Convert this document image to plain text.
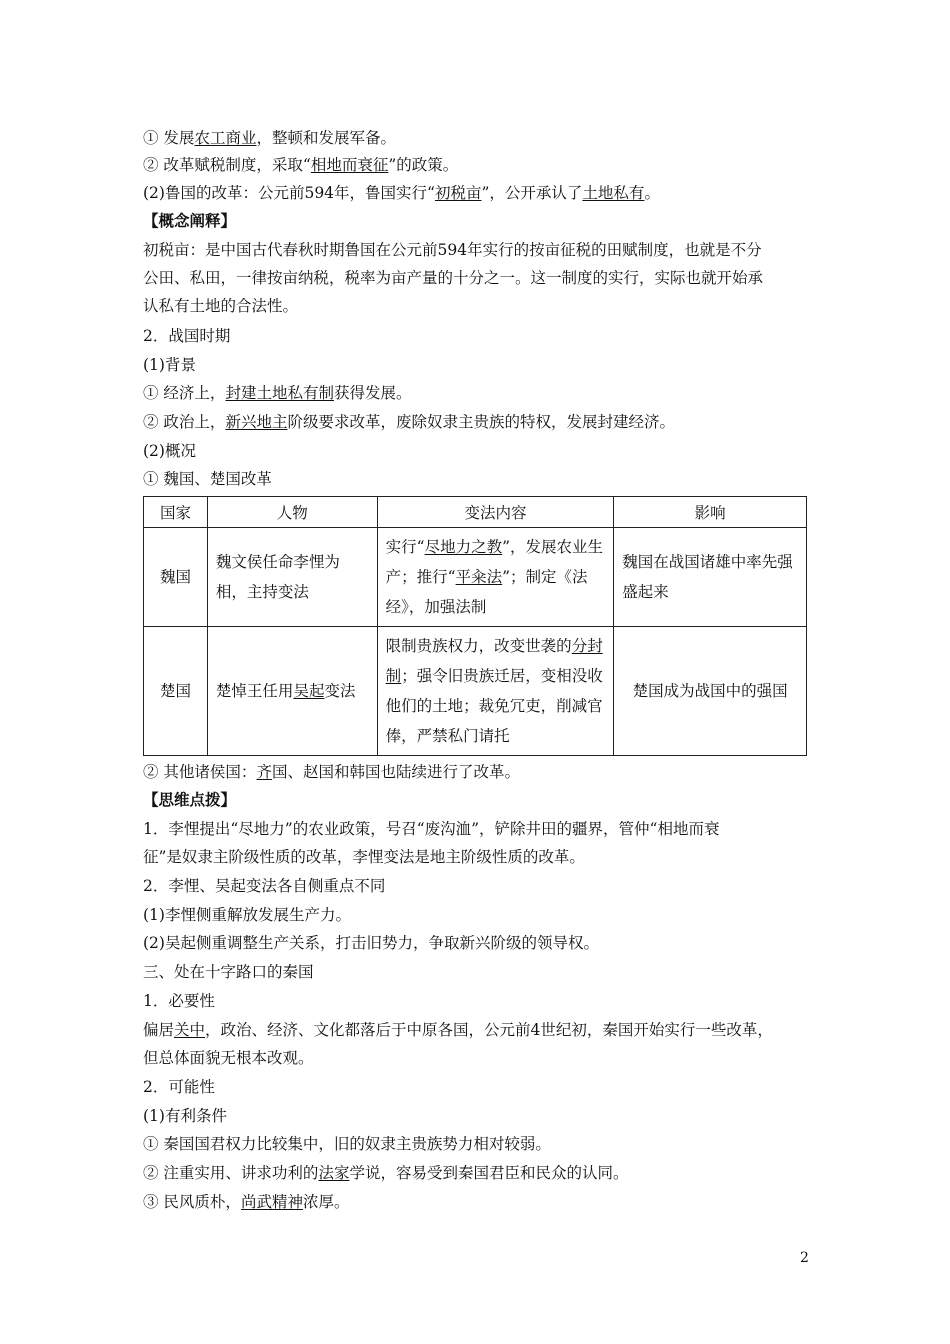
① 发展农工商业，整顿和发展军备。
② 改革赋税制度，采取“相地而衰征”的政策。
(2)鲁国的改革：公元前594年，鲁国实行“初税亩”，公开承认了土地私有。
【概念阐释】
初税亩：是中国古代春秋时期鲁国在公元前594年实行的按亩征税的田赋制度，也就是不分
公田、私田，一律按亩纳税，税率为亩产量的十分之一。这一制度的实行，实际也就开始承
认私有土地的合法性。
2．战国时期
(1)背景
① 经济上，封建土地私有制获得发展。
② 政治上，新兴地主阶级要求改革，废除奴隶主贵族的特权，发展封建经济。
(2)概况
① 魏国、楚国改革
国家	人物	变法内容	影响
魏国	魏文侯任命李悝为相，主持变法	实行“尽地力之教”，发展农业生产；推行“平籴法”；制定《法经》，加强法制	魏国在战国诸雄中率先强盛起来
楚国	楚悼王任用吴起变法	限制贵族权力，改变世袭的分封制；强令旧贵族迁居，变相没收他们的土地；裁免冗吏，削减官俸，严禁私门请托	楚国成为战国中的强国
② 其他诸侯国：齐国、赵国和韩国也陆续进行了改革。
【思维点拨】
1．李悝提出“尽地力”的农业政策，号召“废沟洫”，铲除井田的疆界，管仲“相地而衰
征”是奴隶主阶级性质的改革，李悝变法是地主阶级性质的改革。
2．李悝、吴起变法各自侧重点不同
(1)李悝侧重解放发展生产力。
(2)吴起侧重调整生产关系，打击旧势力，争取新兴阶级的领导权。
三、处在十字路口的秦国
1．必要性
偏居关中，政治、经济、文化都落后于中原各国，公元前4世纪初，秦国开始实行一些改革，
但总体面貌无根本改观。
2．可能性
(1)有利条件
① 秦国国君权力比较集中，旧的奴隶主贵族势力相对较弱。
② 注重实用、讲求功利的法家学说，容易受到秦国君臣和民众的认同。
③ 民风质朴，尚武精神浓厚。
2
